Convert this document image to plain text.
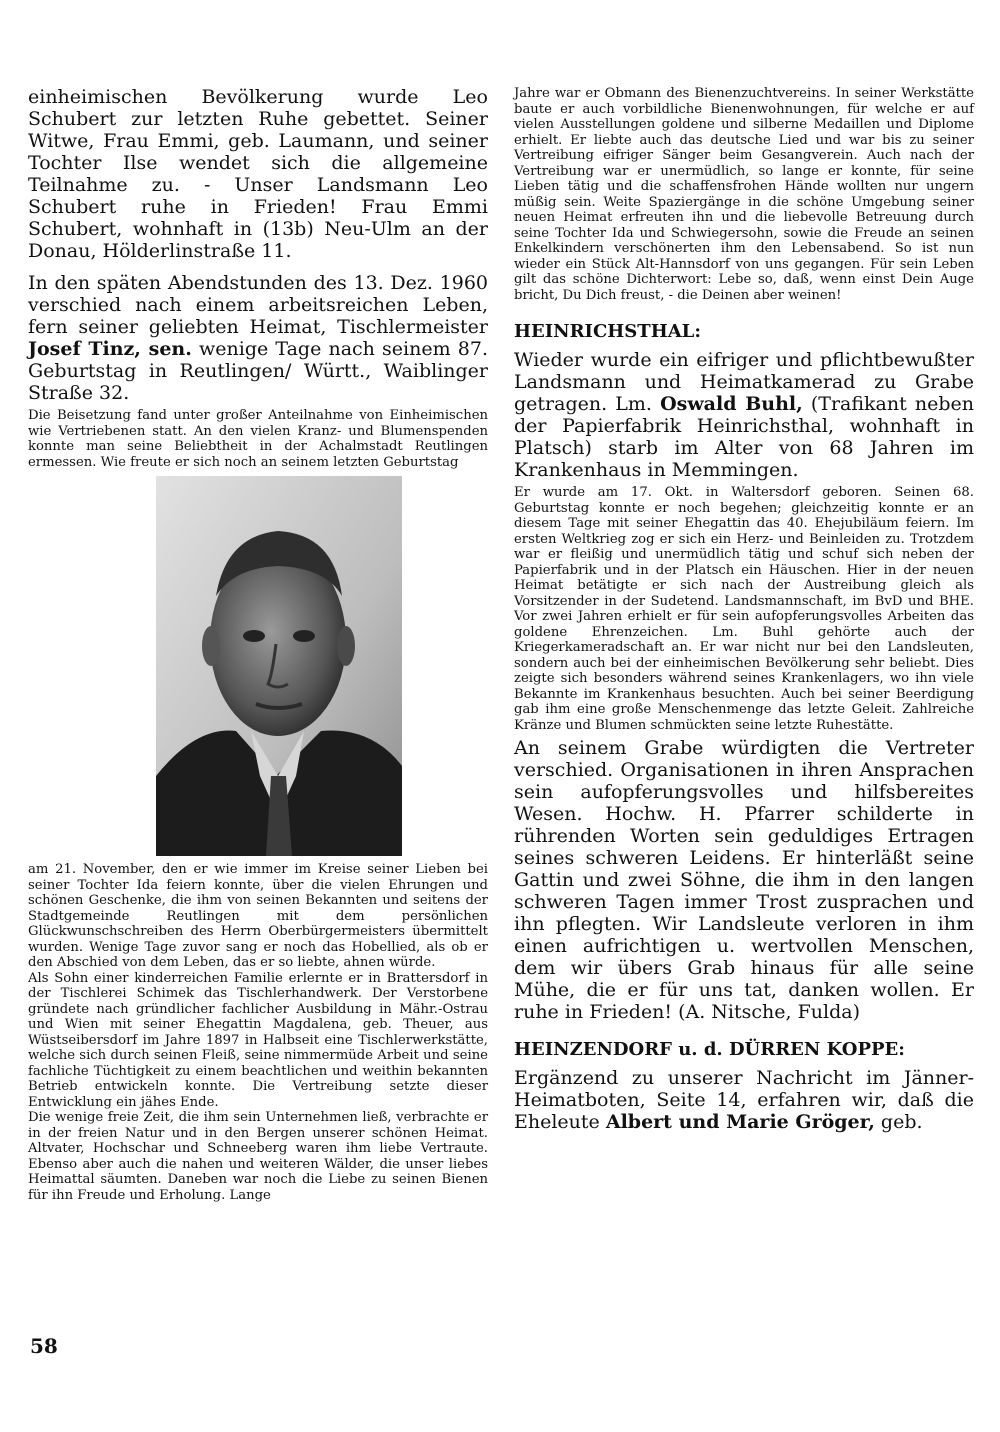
einheimischen Bevölkerung wurde Leo Schubert zur letzten Ruhe gebettet. Seiner Witwe, Frau Emmi, geb. Laumann, und seiner Tochter Ilse wendet sich die allgemeine Teilnahme zu. - Unser Landsmann Leo Schubert ruhe in Frieden! Frau Emmi Schubert, wohnhaft in (13b) Neu-Ulm an der Donau, Hölderlinstraße 11.

In den späten Abendstunden des 13. Dez. 1960 verschied nach einem arbeitsreichen Leben, fern seiner geliebten Heimat, Tischlermeister Josef Tinz, sen. wenige Tage nach seinem 87. Geburtstag in Reutlingen/ Württ., Waiblinger Straße 32.

Die Beisetzung fand unter großer Anteilnahme von Einheimischen wie Vertriebenen statt. An den vielen Kranz- und Blumenspenden konnte man seine Beliebtheit in der Achalmstadt Reutlingen ermessen. Wie freute er sich noch an seinem letzten Geburtstag

am 21. November, den er wie immer im Kreise seiner Lieben bei seiner Tochter Ida feiern konnte, über die vielen Ehrungen und schönen Geschenke, die ihm von seinen Bekannten und seitens der Stadtgemeinde Reutlingen mit dem persönlichen Glückwunschschreiben des Herrn Oberbürgermeisters übermittelt wurden. Wenige Tage zuvor sang er noch das Hobellied, als ob er den Abschied von dem Leben, das er so liebte, ahnen würde.

Als Sohn einer kinderreichen Familie erlernte er in Brattersdorf in der Tischlerei Schimek das Tischlerhandwerk. Der Verstorbene gründete nach gründlicher fachlicher Ausbildung in Mähr.-Ostrau und Wien mit seiner Ehegattin Magdalena, geb. Theuer, aus Wüstseibersdorf im Jahre 1897 in Halbseit eine Tischlerwerkstätte, welche sich durch seinen Fleiß, seine nimmermüde Arbeit und seine fachliche Tüchtigkeit zu einem beachtlichen und weithin bekannten Betrieb entwickeln konnte. Die Vertreibung setzte dieser Entwicklung ein jähes Ende.

Die wenige freie Zeit, die ihm sein Unternehmen ließ, verbrachte er in der freien Natur und in den Bergen unserer schönen Heimat. Altvater, Hochschar und Schneeberg waren ihm liebe Vertraute. Ebenso aber auch die nahen und weiteren Wälder, die unser liebes Heimattal säumten. Daneben war noch die Liebe zu seinen Bienen für ihn Freude und Erholung. Lange

Jahre war er Obmann des Bienenzuchtvereins. In seiner Werkstätte baute er auch vorbildliche Bienenwohnungen, für welche er auf vielen Ausstellungen goldene und silberne Medaillen und Diplome erhielt. Er liebte auch das deutsche Lied und war bis zu seiner Vertreibung eifriger Sänger beim Gesangverein. Auch nach der Vertreibung war er unermüdlich, so lange er konnte, für seine Lieben tätig und die schaffensfrohen Hände wollten nur ungern müßig sein. Weite Spaziergänge in die schöne Umgebung seiner neuen Heimat erfreuten ihn und die liebevolle Betreuung durch seine Tochter Ida und Schwiegersohn, sowie die Freude an seinen Enkelkindern verschönerten ihm den Lebensabend. So ist nun wieder ein Stück Alt-Hannsdorf von uns gegangen. Für sein Leben gilt das schöne Dichterwort: Lebe so, daß, wenn einst Dein Auge bricht, Du Dich freust, - die Deinen aber weinen!

HEINRICHSTHAL:

Wieder wurde ein eifriger und pflichtbewußter Landsmann und Heimatkamerad zu Grabe getragen. Lm. Oswald Buhl, (Trafikant neben der Papierfabrik Heinrichsthal, wohnhaft in Platsch) starb im Alter von 68 Jahren im Krankenhaus in Memmingen.

Er wurde am 17. Okt. in Waltersdorf geboren. Seinen 68. Geburtstag konnte er noch begehen; gleichzeitig konnte er an diesem Tage mit seiner Ehegattin das 40. Ehejubiläum feiern. Im ersten Weltkrieg zog er sich ein Herz- und Beinleiden zu. Trotzdem war er fleißig und unermüdlich tätig und schuf sich neben der Papierfabrik und in der Platsch ein Häuschen. Hier in der neuen Heimat betätigte er sich nach der Austreibung gleich als Vorsitzender in der Sudetend. Landsmannschaft, im BvD und BHE. Vor zwei Jahren erhielt er für sein aufopferungsvolles Arbeiten das goldene Ehrenzeichen. Lm. Buhl gehörte auch der Kriegerkameradschaft an. Er war nicht nur bei den Landsleuten, sondern auch bei der einheimischen Bevölkerung sehr beliebt. Dies zeigte sich besonders während seines Krankenlagers, wo ihn viele Bekannte im Krankenhaus besuchten. Auch bei seiner Beerdigung gab ihm eine große Menschenmenge das letzte Geleit. Zahlreiche Kränze und Blumen schmückten seine letzte Ruhestätte.

An seinem Grabe würdigten die Vertreter verschied. Organisationen in ihren Ansprachen sein aufopferungsvolles und hilfsbereites Wesen. Hochw. H. Pfarrer schilderte in rührenden Worten sein geduldiges Ertragen seines schweren Leidens. Er hinterläßt seine Gattin und zwei Söhne, die ihm in den langen schweren Tagen immer Trost zusprachen und ihn pflegten. Wir Landsleute verloren in ihm einen aufrichtigen u. wertvollen Menschen, dem wir übers Grab hinaus für alle seine Mühe, die er für uns tat, danken wollen. Er ruhe in Frieden! (A. Nitsche, Fulda)

HEINZENDORF u. d. DÜRREN KOPPE:

Ergänzend zu unserer Nachricht im Jänner-Heimatboten, Seite 14, erfahren wir, daß die Eheleute Albert und Marie Gröger, geb.

58
